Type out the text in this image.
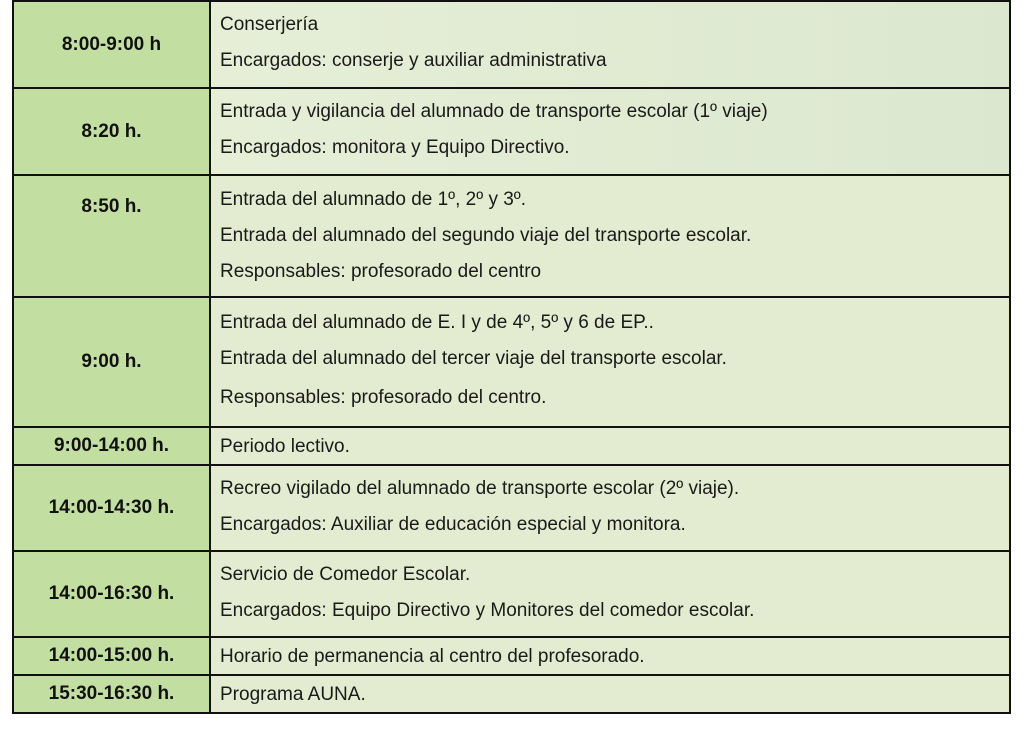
8:00-9:00 h	Conserjería
Encargados: conserje y auxiliar administrativa

8:20 h.	Entrada y vigilancia del alumnado de transporte escolar (1º viaje)
Encargados: monitora y Equipo Directivo.

8:50 h.	Entrada del alumnado de 1º, 2º y 3º.
Entrada del alumnado del segundo viaje del transporte escolar.
Responsables: profesorado del centro

9:00 h.	Entrada del alumnado de E. I y de 4º, 5º y 6 de EP..
Entrada del alumnado del tercer viaje del transporte escolar.
Responsables: profesorado del centro.

9:00-14:00 h.	Periodo lectivo.

14:00-14:30 h.	Recreo vigilado del alumnado de transporte escolar (2º viaje).
Encargados: Auxiliar de educación especial y monitora.

14:00-16:30 h.	Servicio de Comedor Escolar.
Encargados: Equipo Directivo y Monitores del comedor escolar.

14:00-15:00 h.	Horario de permanencia al centro del profesorado.

15:30-16:30 h.	Programa AUNA.
